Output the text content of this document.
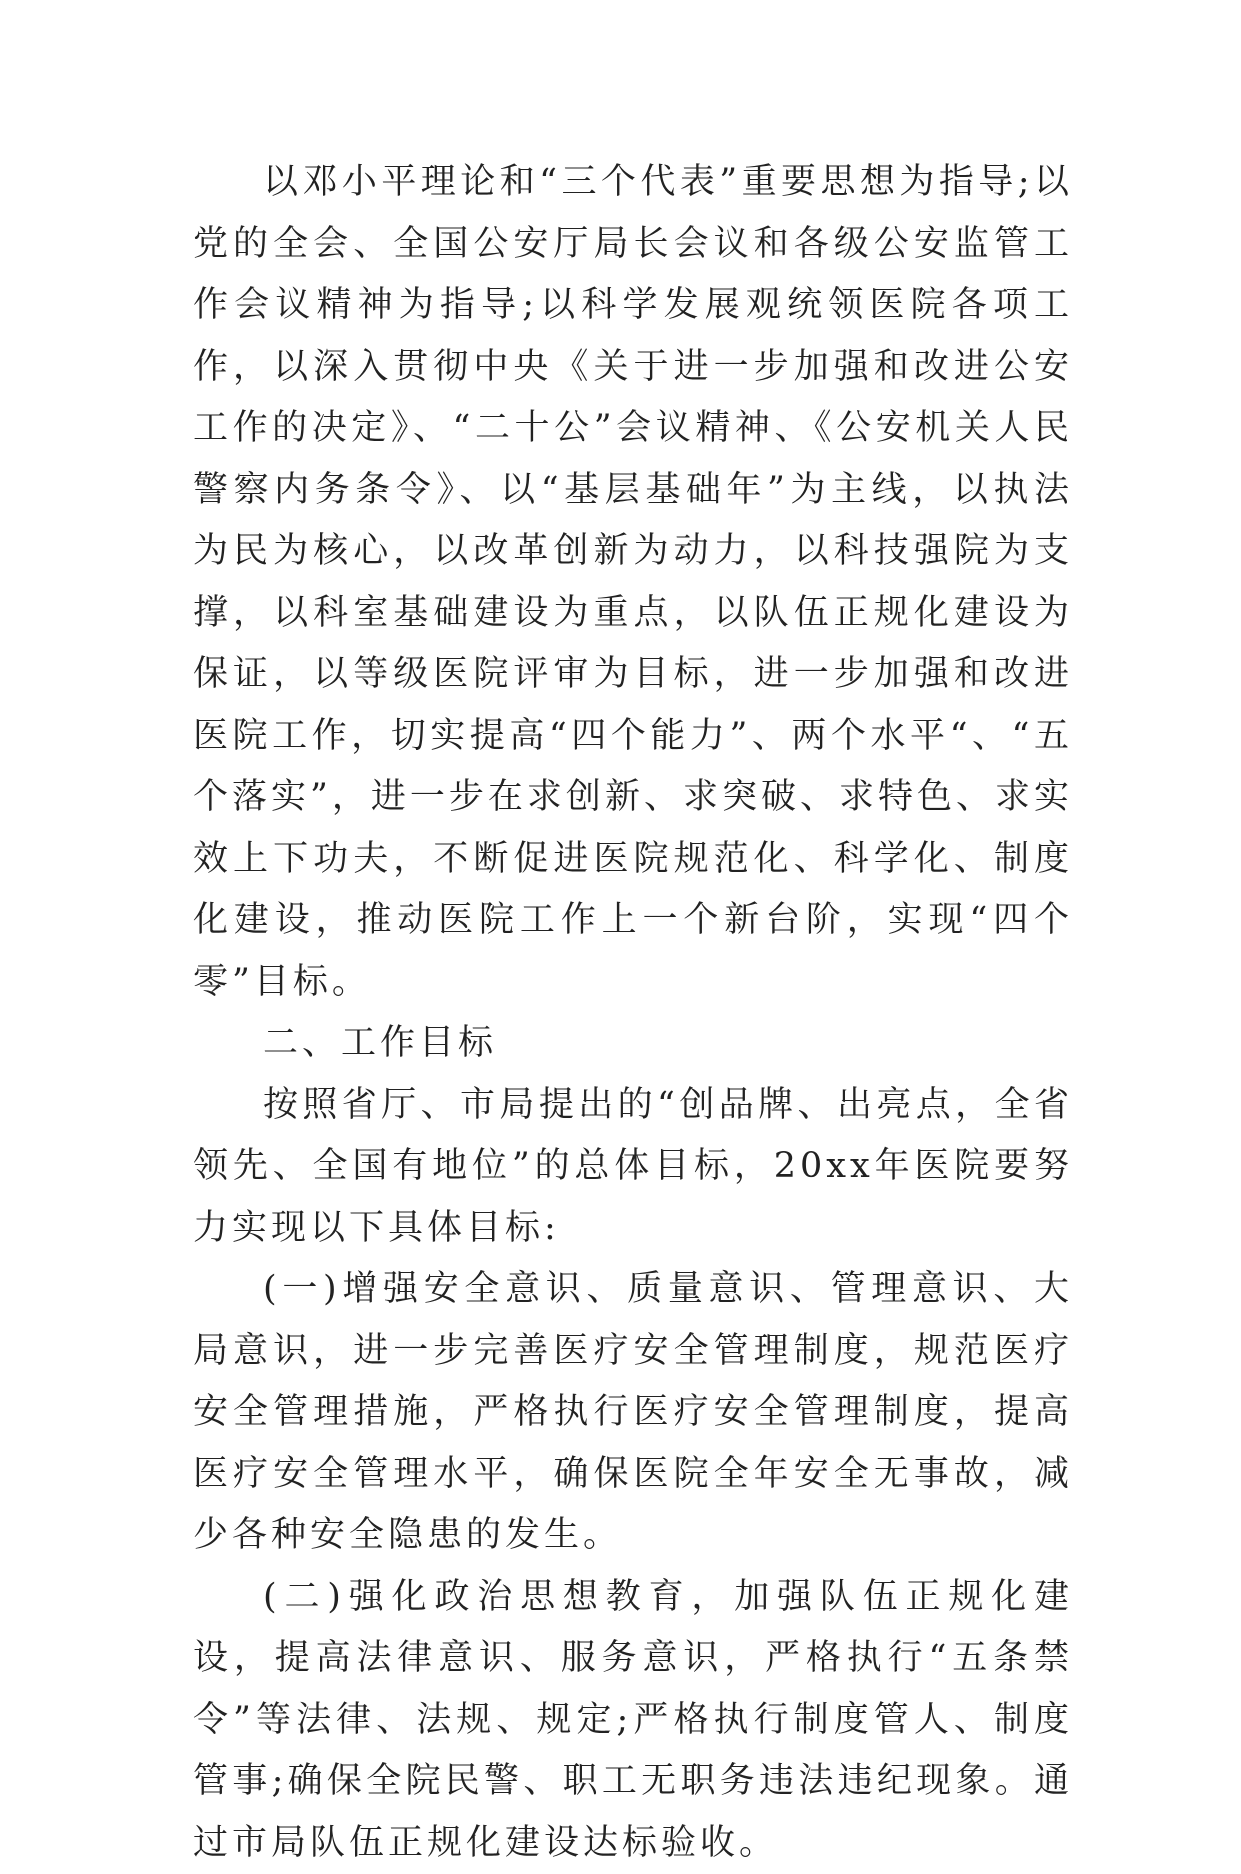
以邓小平理论和“三个代表”重要思想为指导;以党的全会、全国公安厅局长会议和各级公安监管工作会议精神为指导;以科学发展观统领医院各项工作，以深入贯彻中央《关于进一步加强和改进公安工作的决定》、“二十公”会议精神、《公安机关人民警察内务条令》、以“基层基础年”为主线，以执法为民为核心，以改革创新为动力，以科技强院为支撑，以科室基础建设为重点，以队伍正规化建设为保证，以等级医院评审为目标，进一步加强和改进医院工作，切实提高“四个能力”、两个水平“、“五个落实”，进一步在求创新、求突破、求特色、求实效上下功夫，不断促进医院规范化、科学化、制度化建设，推动医院工作上一个新台阶，实现“四个零”目标。

二、工作目标

按照省厅、市局提出的“创品牌、出亮点，全省领先、全国有地位”的总体目标，20xx年医院要努力实现以下具体目标:

(一)增强安全意识、质量意识、管理意识、大局意识，进一步完善医疗安全管理制度，规范医疗安全管理措施，严格执行医疗安全管理制度，提高医疗安全管理水平，确保医院全年安全无事故，减少各种安全隐患的发生。

(二)强化政治思想教育，加强队伍正规化建设，提高法律意识、服务意识，严格执行“五条禁令”等法律、法规、规定;严格执行制度管人、制度管事;确保全院民警、职工无职务违法违纪现象。通过市局队伍正规化建设达标验收。
